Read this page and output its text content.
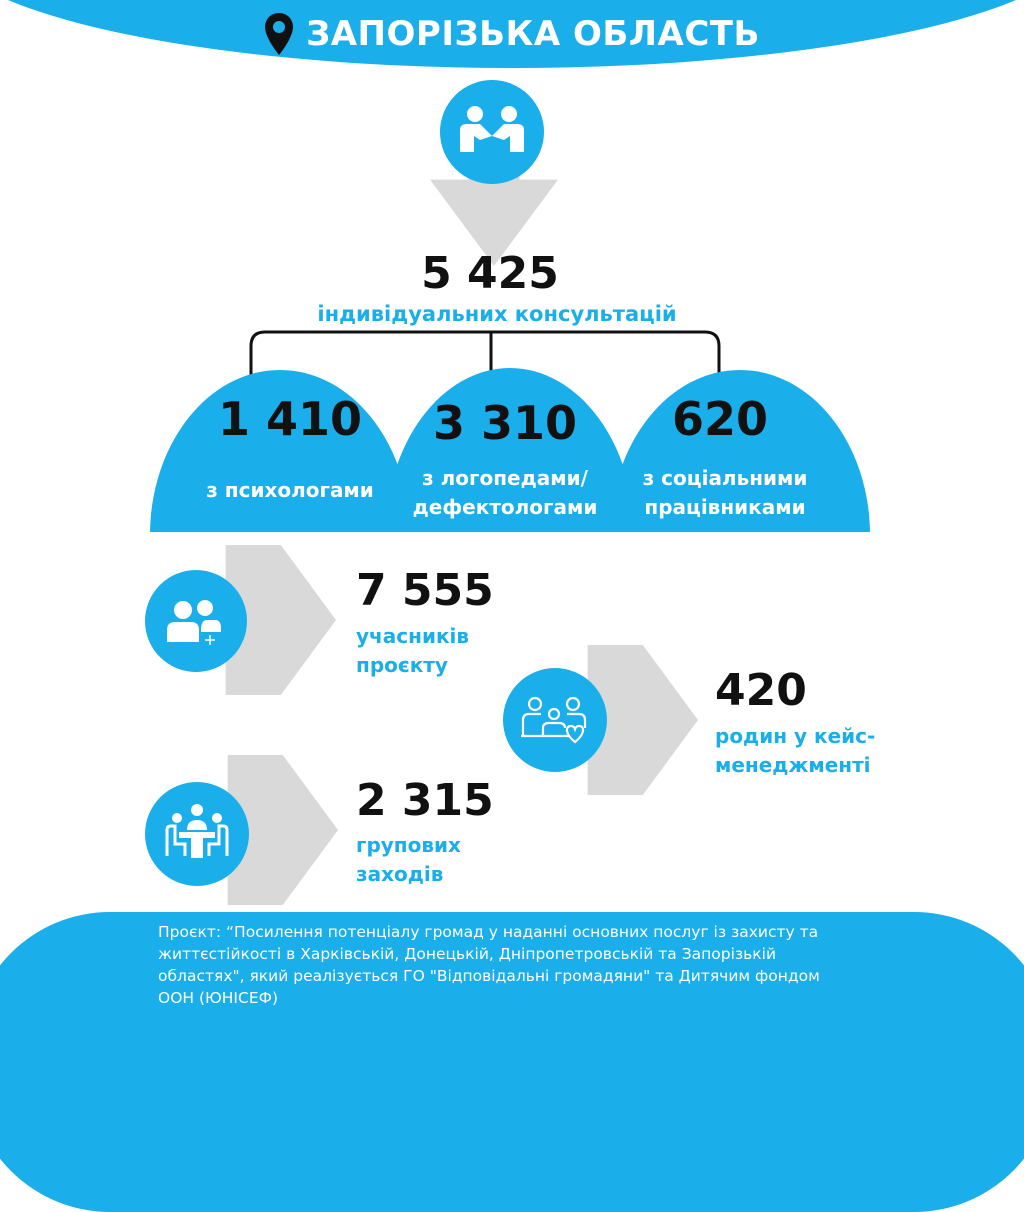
ЗАПОРІЗЬКА ОБЛАСТЬ
5 425
індивідуальних консультацій
1 410
з психологами
3 310
з логопедами/
дефектологами
620
з соціальними
працівниками
7 555
учасників
проєкту	420
родин у кейс-
менеджменті
2 315
групових
заходів
Проєкт: “Посилення потенціалу громад у наданні основних послуг із захисту та
життєстійкості в Харківській, Донецькій, Дніпропетровській та Запорізькій
областях", який реалізується ГО "Відповідальні громадяни" та Дитячим фондом
ООН (ЮНІСЕФ)
